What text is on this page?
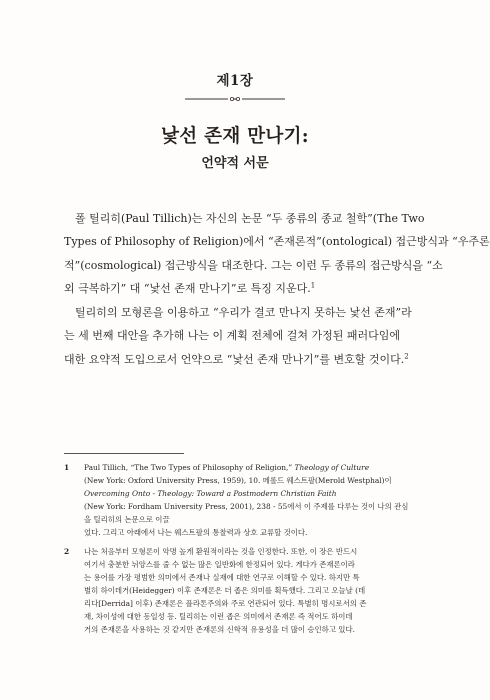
제1장
낯선 존재 만나기:
언약적 서문
폴 틸리히(Paul Tillich)는 자신의 논문 “두 종류의 종교 철학”(The Two
Types of Philosophy of Religion)에서 “존재론적”(ontological) 접근방식과 “우주론
적”(cosmological) 접근방식을 대조한다. 그는 이런 두 종류의 접근방식을 “소
외 극복하기” 대 “낯선 존재 만나기”로 특징 지운다.$^1$
틸리히의 모형론을 이용하고 “우리가 결코 만나지 못하는 낯선 존재”라
는 세 번째 대안을 추가해 나는 이 계획 전체에 걸쳐 가정된 패러다임에
대한 요약적 도입으로서 언약으로 “낯선 존재 만나기”를 변호할 것이다.$^2$
1 Paul Tillich, “The Two Types of Philosophy of Religion,” Theology of Culture
(New York: Oxford University Press, 1959), 10. 메롤드 웨스트팔(Merold Westphal)이
Overcoming Onto - Theology: Toward a Postmodern Christian Faith
(New York: Fordham University Press, 2001), 238 - 55에서 이 주제를 다루는 것이 나의 관심을 틸리히의 논문으로 이끌
었다. 그리고 아래에서 나는 웨스트팔의 통찰력과 상호 교류할 것이다.
2 나는 처음부터 모형론이 악명 높게 환원적이라는 것을 인정한다. 또한, 이 장은 반드시
여기서 충분한 뉘앙스를 줄 수 없는 많은 일반화에 한정되어 있다. 게다가 존재론이라
는 용어를 가장 평범한 의미에서 존재나 실재에 대한 연구로 이해할 수 있다. 하지만 특
별히 하이데거(Heidegger) 이후 존재론은 더 좁은 의미를 획득했다. 그리고 오늘날 (데
리다[Derrida] 이후) 존재론은 플라톤주의와 주로 연관되어 있다. 특별히 명시로서의 존
재, 차이성에 대한 동일성 등. 틸리히는 이런 좁은 의미에서 존재론 즉 적어도 하이데
거의 존재론을 사용하는 것 같지만 존재론의 신학적 유용성을 더 많이 승인하고 있다.
